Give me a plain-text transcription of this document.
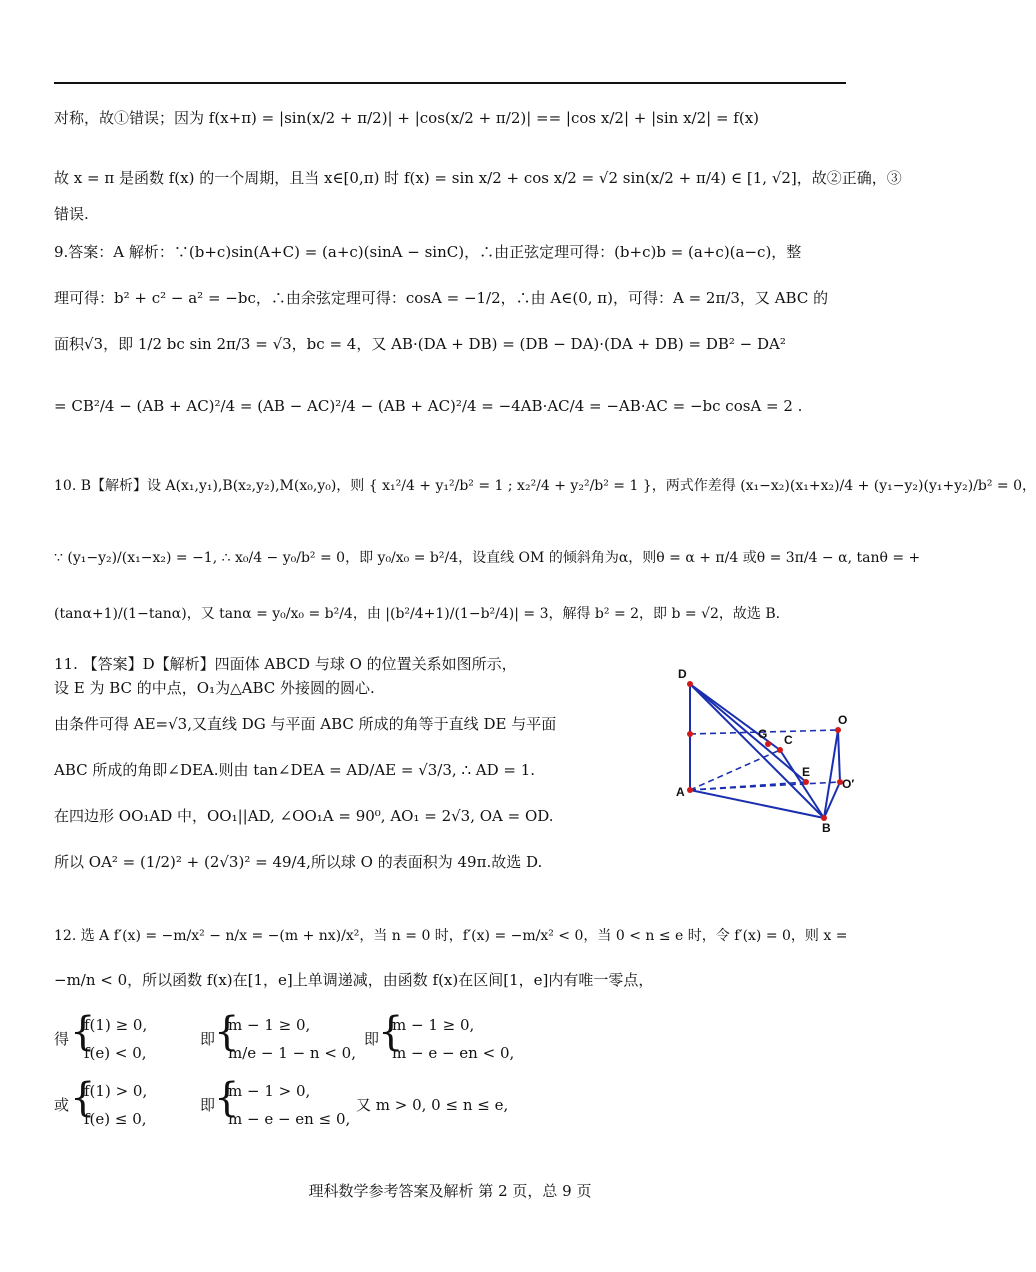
对称，故①错误；因为 f(x+π) = |sin(x/2 + π/2)| + |cos(x/2 + π/2)| == |cos x/2| + |sin x/2| = f(x)
故 x = π 是函数 f(x) 的一个周期，且当 x∈[0,π) 时 f(x) = sin x/2 + cos x/2 = √2 sin(x/2 + π/4) ∈ [1, √2]，故②正确，③
错误.
9.答案：A 解析：∵(b+c)sin(A+C) = (a+c)(sinA − sinC)，∴由正弦定理可得：(b+c)b = (a+c)(a−c)，整
理可得：b² + c² − a² = −bc，∴由余弦定理可得：cosA = −1/2，∴由 A∈(0, π)，可得：A = 2π/3，又 ABC 的
面积√3，即 1/2 bc sin 2π/3 = √3，bc = 4，又 AB·(DA + DB) = (DB − DA)·(DA + DB) = DB² − DA²
= CB²/4 − (AB + AC)²/4 = (AB − AC)²/4 − (AB + AC)²/4 = −4AB·AC/4 = −AB·AC = −bc cosA = 2 .
10. B【解析】设 A(x₁,y₁),B(x₂,y₂),M(x₀,y₀)，则 { x₁²/4 + y₁²/b² = 1 ; x₂²/4 + y₂²/b² = 1 }，两式作差得 (x₁−x₂)(x₁+x₂)/4 + (y₁−y₂)(y₁+y₂)/b² = 0，
∵ (y₁−y₂)/(x₁−x₂) = −1, ∴ x₀/4 − y₀/b² = 0，即 y₀/x₀ = b²/4，设直线 OM 的倾斜角为α，则θ = α + π/4 或θ = 3π/4 − α, tanθ = +
(tanα+1)/(1−tanα)，又 tanα = y₀/x₀ = b²/4，由 |(b²/4+1)/(1−b²/4)| = 3，解得 b² = 2，即 b = √2，故选 B.
11. 【答案】D【解析】四面体 ABCD 与球 O 的位置关系如图所示，
设 E 为 BC 的中点，O₁为△ABC 外接圆的圆心.
由条件可得 AE=√3,又直线 DG 与平面 ABC 所成的角等于直线 DE 与平面
ABC 所成的角即∠DEA.则由 tan∠DEA = AD/AE = √3/3, ∴ AD = 1.
在四边形 OO₁AD 中，OO₁||AD, ∠OO₁A = 90⁰, AO₁ = 2√3, OA = OD.
所以 OA² = (1/2)² + (2√3)² = 49/4,所以球 O 的表面积为 49π.故选 D.
12. 选 A f′(x) = −m/x² − n/x = −(m + nx)/x²，当 n = 0 时，f′(x) = −m/x² < 0，当 0 < n ≤ e 时，令 f′(x) = 0，则 x =
−m/n < 0，所以函数 f(x)在[1，e]上单调递减，由函数 f(x)在区间[1，e]内有唯一零点，
得 {
f(1) ≥ 0,
f(e) < 0,
即
{
m − 1 ≥ 0,
m/e − 1 − n < 0,
即
{
m − 1 ≥ 0,
m − e − en < 0,
或 {
f(1) > 0,
f(e) ≤ 0,
即
{
m − 1 > 0,
m − e − en ≤ 0,
又 m > 0, 0 ≤ n ≤ e,
D
O
G C
E
O′
A
B
理科数学参考答案及解析 第 2 页，总 9 页
